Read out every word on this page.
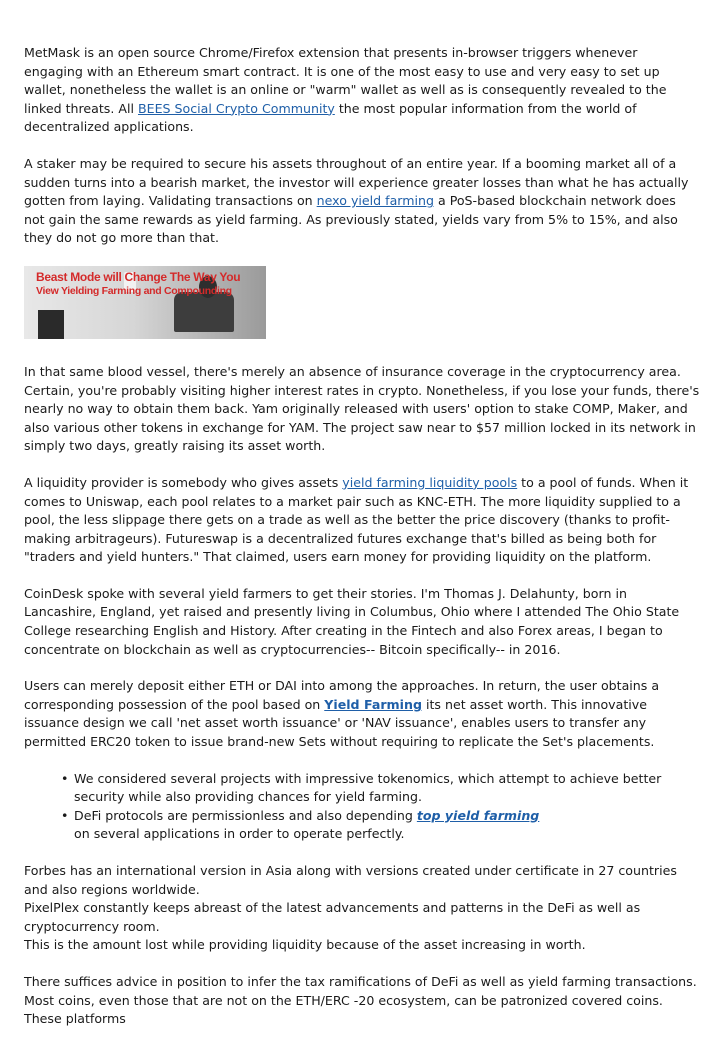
MetMask is an open source Chrome/Firefox extension that presents in-browser triggers whenever engaging with an Ethereum smart contract. It is one of the most easy to use and very easy to set up wallet, nonetheless the wallet is an online or "warm" wallet as well as is consequently revealed to the linked threats. All BEES Social Crypto Community the most popular information from the world of decentralized applications.

A staker may be required to secure his assets throughout of an entire year. If a booming market all of a sudden turns into a bearish market, the investor will experience greater losses than what he has actually gotten from laying. Validating transactions on nexo yield farming a PoS-based blockchain network does not gain the same rewards as yield farming. As previously stated, yields vary from 5% to 15%, and also they do not go more than that.

Beast Mode will Change The Way You
View Yielding Farming and Compounding

In that same blood vessel, there's merely an absence of insurance coverage in the cryptocurrency area. Certain, you're probably visiting higher interest rates in crypto. Nonetheless, if you lose your funds, there's nearly no way to obtain them back. Yam originally released with users' option to stake COMP, Maker, and also various other tokens in exchange for YAM. The project saw near to $57 million locked in its network in simply two days, greatly raising its asset worth.

A liquidity provider is somebody who gives assets yield farming liquidity pools to a pool of funds. When it comes to Uniswap, each pool relates to a market pair such as KNC-ETH. The more liquidity supplied to a pool, the less slippage there gets on a trade as well as the better the price discovery (thanks to profit-making arbitrageurs). Futureswap is a decentralized futures exchange that's billed as being both for "traders and yield hunters." That claimed, users earn money for providing liquidity on the platform.

CoinDesk spoke with several yield farmers to get their stories. I'm Thomas J. Delahunty, born in Lancashire, England, yet raised and presently living in Columbus, Ohio where I attended The Ohio State College researching English and History. After creating in the Fintech and also Forex areas, I began to concentrate on blockchain as well as cryptocurrencies-- Bitcoin specifically-- in 2016.

Users can merely deposit either ETH or DAI into among the approaches. In return, the user obtains a corresponding possession of the pool based on Yield Farming its net asset worth. This innovative issuance design we call 'net asset worth issuance' or 'NAV issuance', enables users to transfer any permitted ERC20 token to issue brand-new Sets without requiring to replicate the Set's placements.

• We considered several projects with impressive tokenomics, which attempt to achieve better security while also providing chances for yield farming.
• DeFi protocols are permissionless and also depending top yield farming
on several applications in order to operate perfectly.

Forbes has an international version in Asia along with versions created under certificate in 27 countries and also regions worldwide.

PixelPlex constantly keeps abreast of the latest advancements and patterns in the DeFi as well as cryptocurrency room.

This is the amount lost while providing liquidity because of the asset increasing in worth.

There suffices advice in position to infer the tax ramifications of DeFi as well as yield farming transactions. Most coins, even those that are not on the ETH/ERC -20 ecosystem, can be patronized covered coins. These platforms
